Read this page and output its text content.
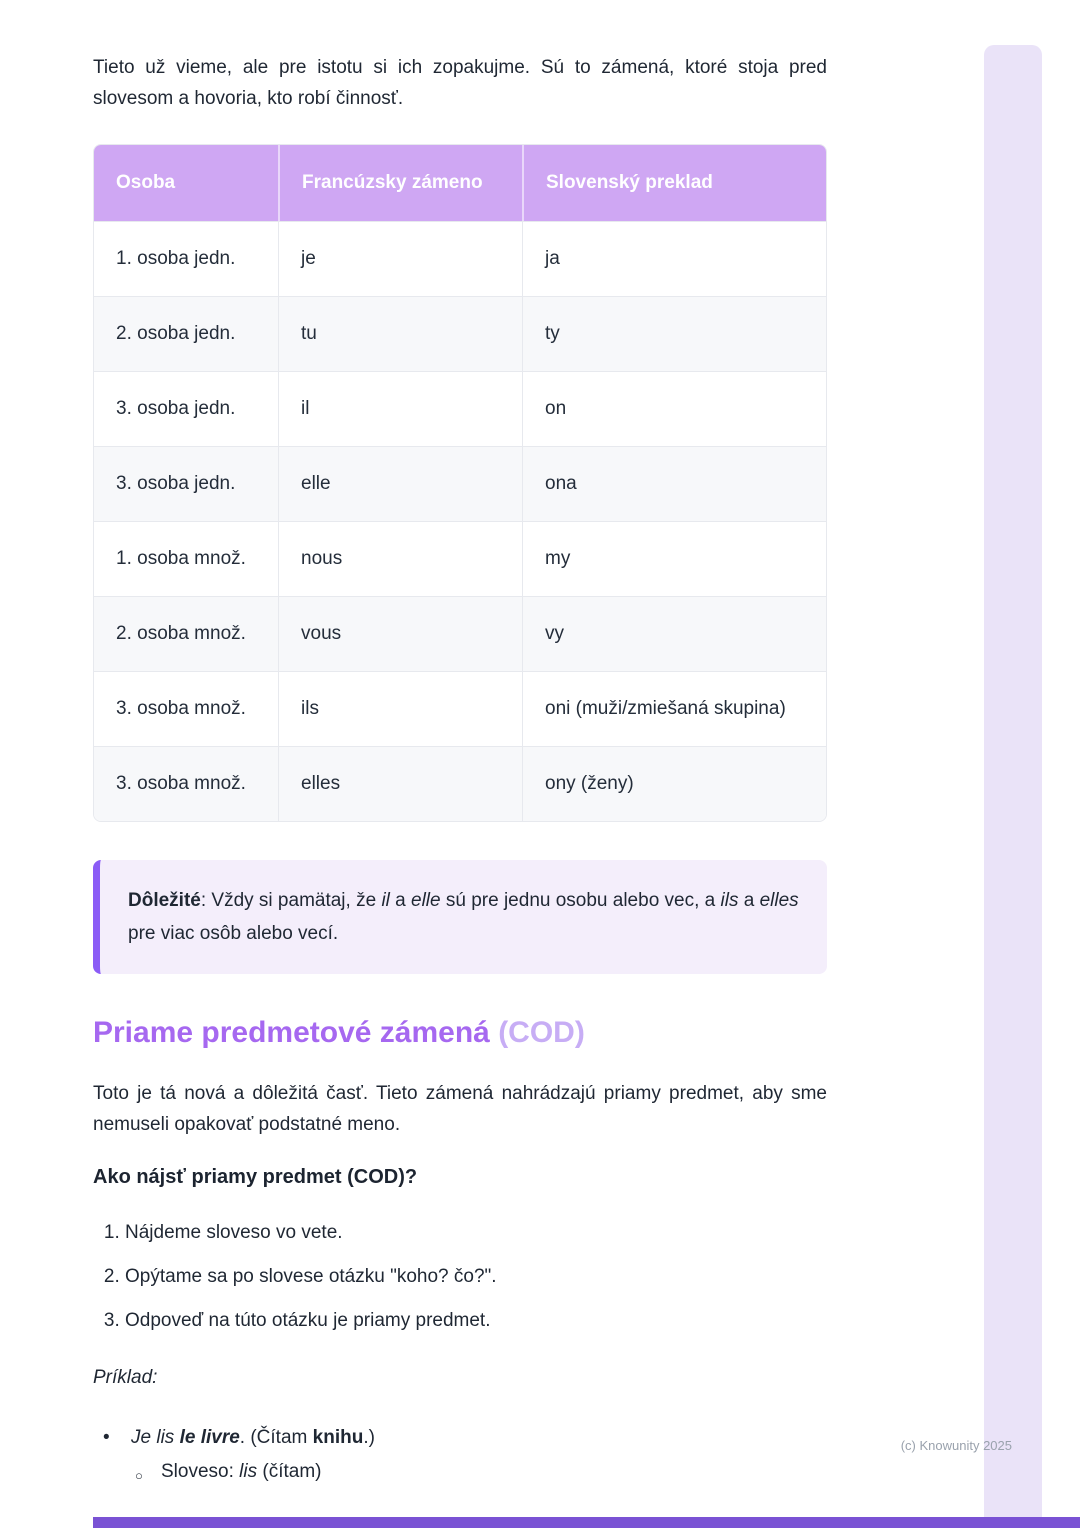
Tieto už vieme, ale pre istotu si ich zopakujme. Sú to zámená, ktoré stoja pred slovesom a hovoria, kto robí činnosť.

Osoba	Francúzsky zámeno	Slovenský preklad
1. osoba jedn.	je	ja
2. osoba jedn.	tu	ty
3. osoba jedn.	il	on
3. osoba jedn.	elle	ona
1. osoba množ.	nous	my
2. osoba množ.	vous	vy
3. osoba množ.	ils	oni (muži/zmiešaná skupina)
3. osoba množ.	elles	ony (ženy)

Dôležité: Vždy si pamätaj, že il a elle sú pre jednu osobu alebo vec, a ils a elles pre viac osôb alebo vecí.

Priame predmetové zámená (COD)

Toto je tá nová a dôležitá časť. Tieto zámená nahrádzajú priamy predmet, aby sme nemuseli opakovať podstatné meno.

Ako nájsť priamy predmet (COD)?
1. Nájdeme sloveso vo vete.
2. Opýtame sa po slovese otázku "koho? čo?".
3. Odpoveď na túto otázku je priamy predmet.

Príklad:

• Je lis le livre. (Čítam knihu.)
○ Sloveso: lis (čítam)
(c) Knowunity 2025
